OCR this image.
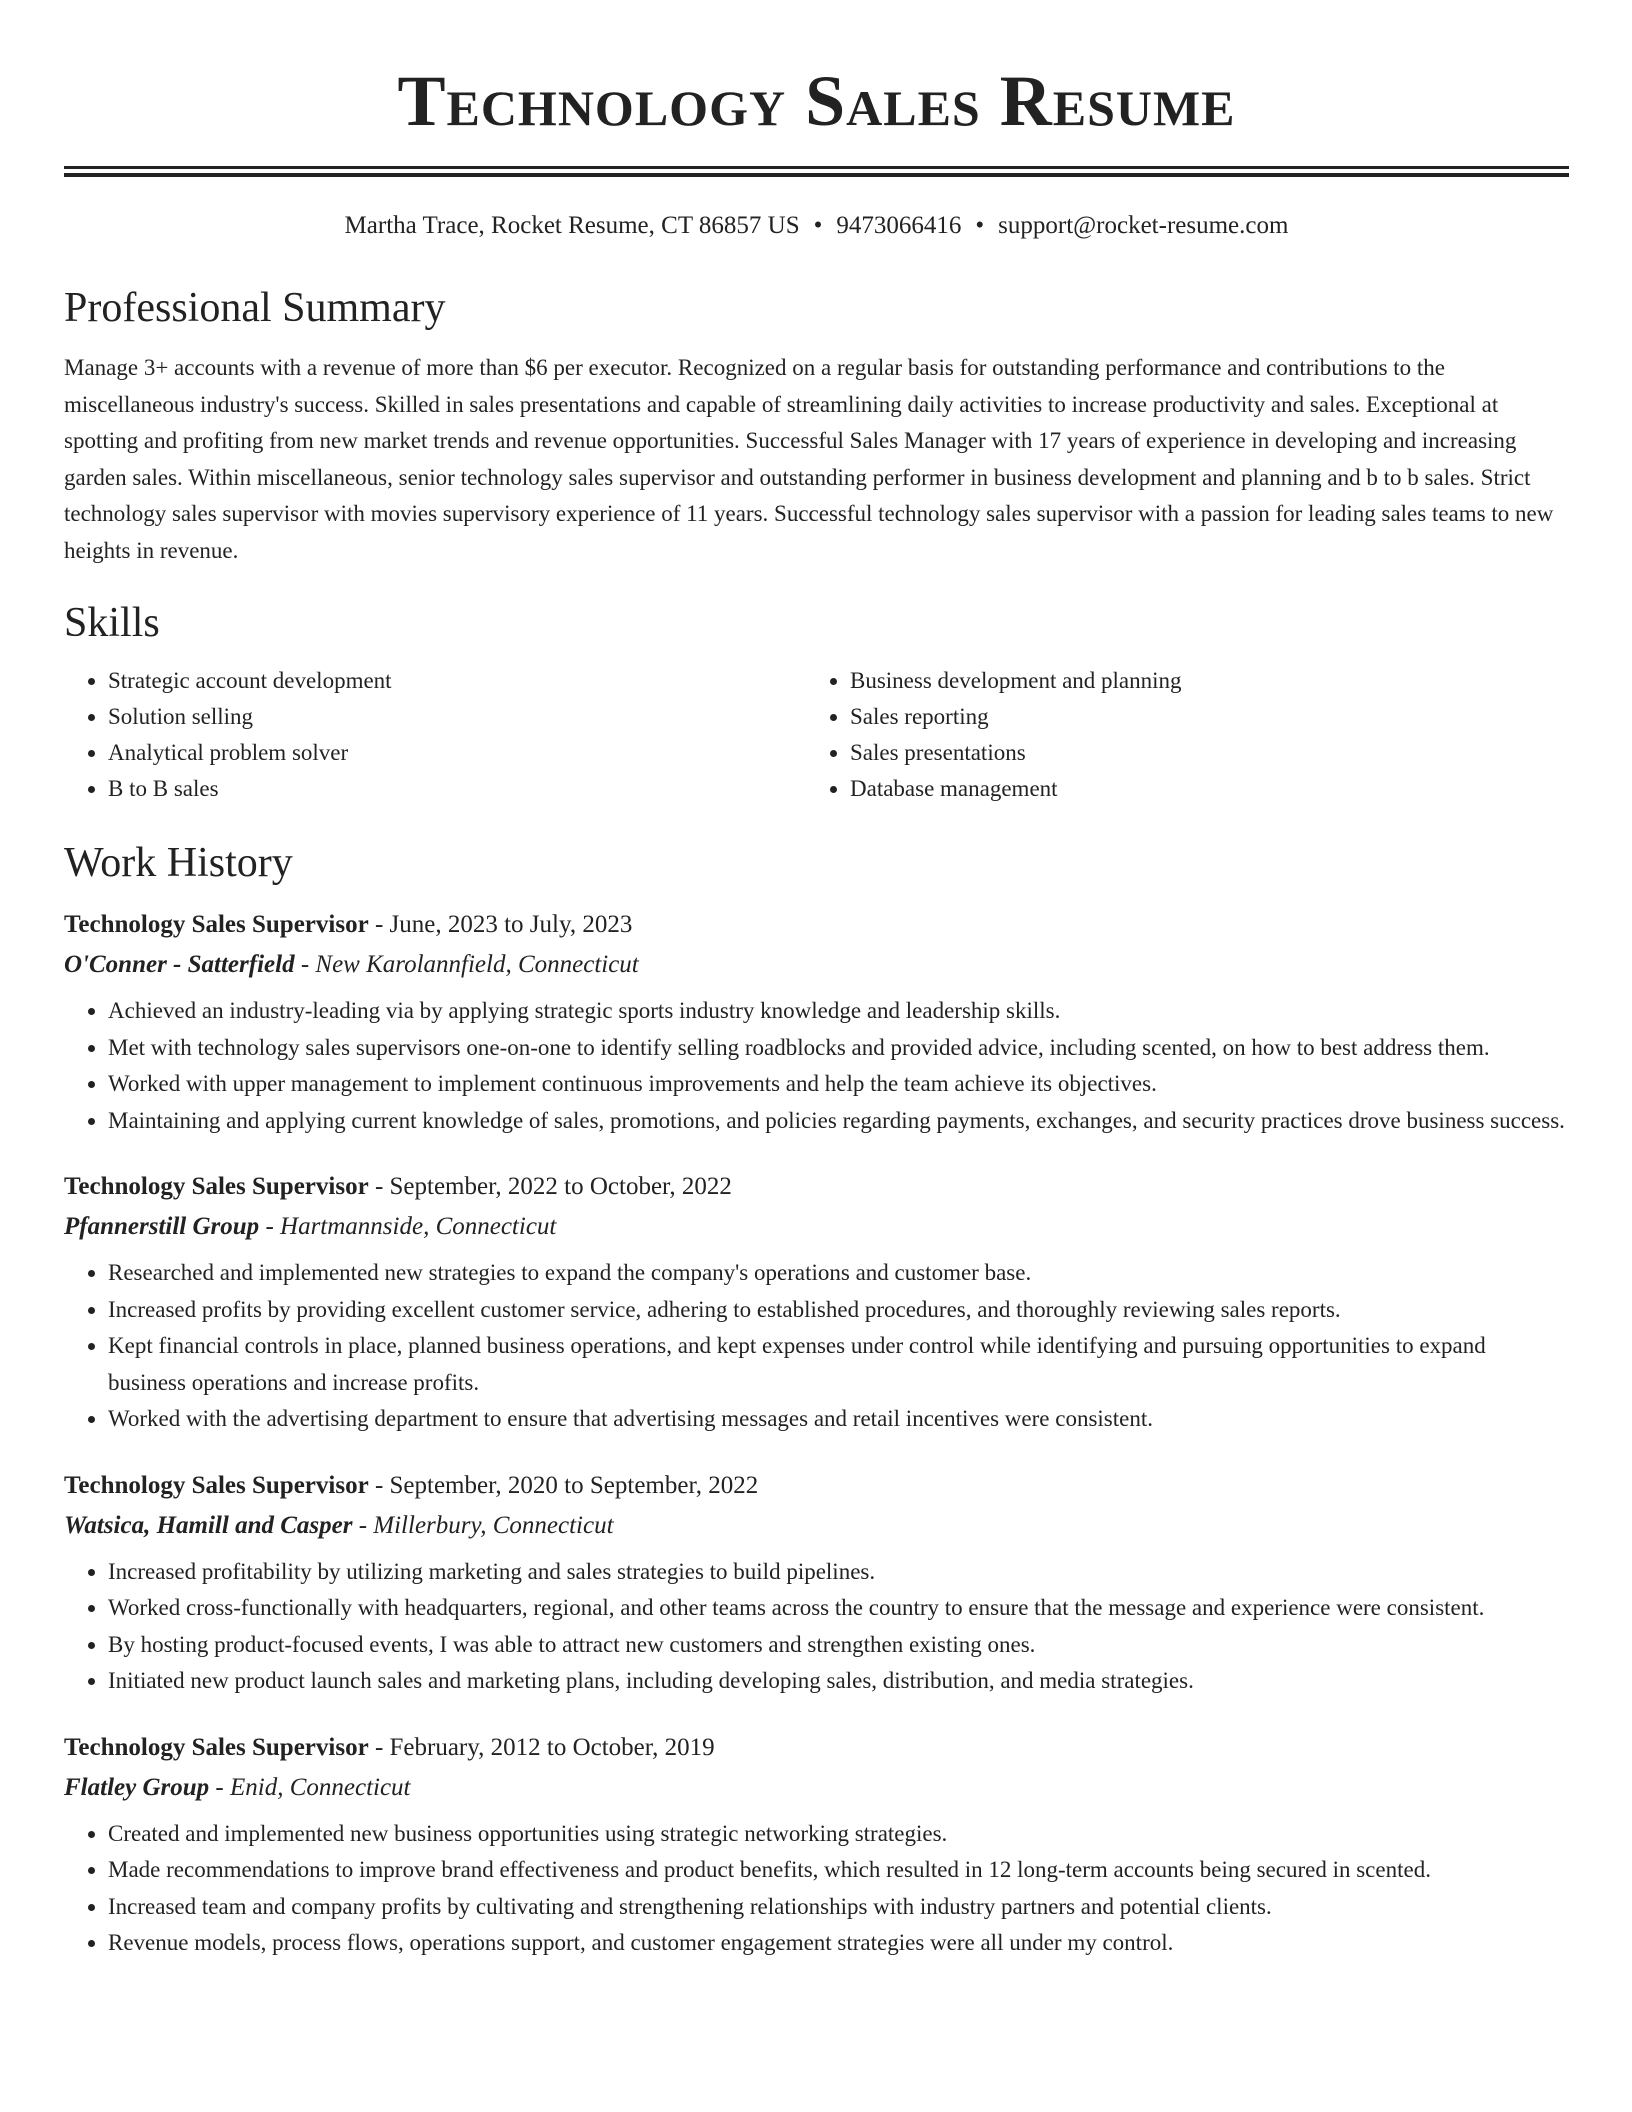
Technology Sales Resume
Martha Trace, Rocket Resume, CT 86857 US • 9473066416 • support@rocket-resume.com
Professional Summary

Manage 3+ accounts with a revenue of more than $6 per executor. Recognized on a regular basis for outstanding performance and contributions to the miscellaneous industry's success. Skilled in sales presentations and capable of streamlining daily activities to increase productivity and sales. Exceptional at spotting and profiting from new market trends and revenue opportunities. Successful Sales Manager with 17 years of experience in developing and increasing garden sales. Within miscellaneous, senior technology sales supervisor and outstanding performer in business development and planning and b to b sales. Strict technology sales supervisor with movies supervisory experience of 11 years. Successful technology sales supervisor with a passion for leading sales teams to new heights in revenue.

Skills
• Strategic account development
• Solution selling
• Analytical problem solver
• B to B sales
• Business development and planning
• Sales reporting
• Sales presentations
• Database management
Work History
Technology Sales Supervisor - June, 2023 to July, 2023
O'Conner - Satterfield - New Karolannfield, Connecticut
• Achieved an industry-leading via by applying strategic sports industry knowledge and leadership skills.
• Met with technology sales supervisors one-on-one to identify selling roadblocks and provided advice, including scented, on how to best address them.
• Worked with upper management to implement continuous improvements and help the team achieve its objectives.
• Maintaining and applying current knowledge of sales, promotions, and policies regarding payments, exchanges, and security practices drove business success.
Technology Sales Supervisor - September, 2022 to October, 2022
Pfannerstill Group - Hartmannside, Connecticut
• Researched and implemented new strategies to expand the company's operations and customer base.
• Increased profits by providing excellent customer service, adhering to established procedures, and thoroughly reviewing sales reports.
• Kept financial controls in place, planned business operations, and kept expenses under control while identifying and pursuing opportunities to expand business operations and increase profits.
• Worked with the advertising department to ensure that advertising messages and retail incentives were consistent.
Technology Sales Supervisor - September, 2020 to September, 2022
Watsica, Hamill and Casper - Millerbury, Connecticut
• Increased profitability by utilizing marketing and sales strategies to build pipelines.
• Worked cross-functionally with headquarters, regional, and other teams across the country to ensure that the message and experience were consistent.
• By hosting product-focused events, I was able to attract new customers and strengthen existing ones.
• Initiated new product launch sales and marketing plans, including developing sales, distribution, and media strategies.
Technology Sales Supervisor - February, 2012 to October, 2019
Flatley Group - Enid, Connecticut
• Created and implemented new business opportunities using strategic networking strategies.
• Made recommendations to improve brand effectiveness and product benefits, which resulted in 12 long-term accounts being secured in scented.
• Increased team and company profits by cultivating and strengthening relationships with industry partners and potential clients.
• Revenue models, process flows, operations support, and customer engagement strategies were all under my control.
